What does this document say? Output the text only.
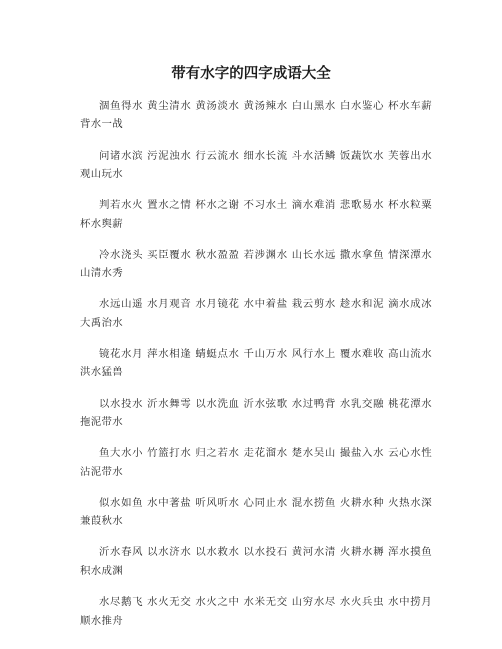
带有水字的四字成语大全

涸鱼得水 黄尘清水 黄汤淡水 黄汤辣水 白山黑水 白水鉴心 杯水车薪 背水一战

问诸水滨 污泥浊水 行云流水 细水长流 斗水活鳞 饭蔬饮水 芙蓉出水 观山玩水

判若水火 置水之情 杯水之谢 不习水土 滴水难消 悲歌易水 杯水粒粟 杯水舆薪

冷水浇头 买臣覆水 秋水盈盈 若涉渊水 山长水远 撒水拿鱼 情深潭水 山清水秀

水远山遥 水月观音 水月镜花 水中着盐 栽云剪水 趁水和泥 滴水成冰 大禹治水

镜花水月 萍水相逢 蜻蜓点水 千山万水 风行水上 覆水难收 高山流水 洪水猛兽

以水投水 沂水舞雩 以水洗血 沂水弦歌 水过鸭背 水乳交融 桃花潭水 拖泥带水

鱼大水小 竹篮打水 归之若水 走花溜水 楚水吴山 撮盐入水 云心水性 沾泥带水

似水如鱼 水中著盐 听风听水 心同止水 混水捞鱼 火耕水种 火热水深 兼葭秋水

沂水春风 以水济水 以水救水 以水投石 黄河水清 火耕水耨 浑水摸鱼 积水成渊

水尽鹅飞 水火无交 水火之中 水米无交 山穷水尽 水火兵虫 水中捞月 顺水推舟
